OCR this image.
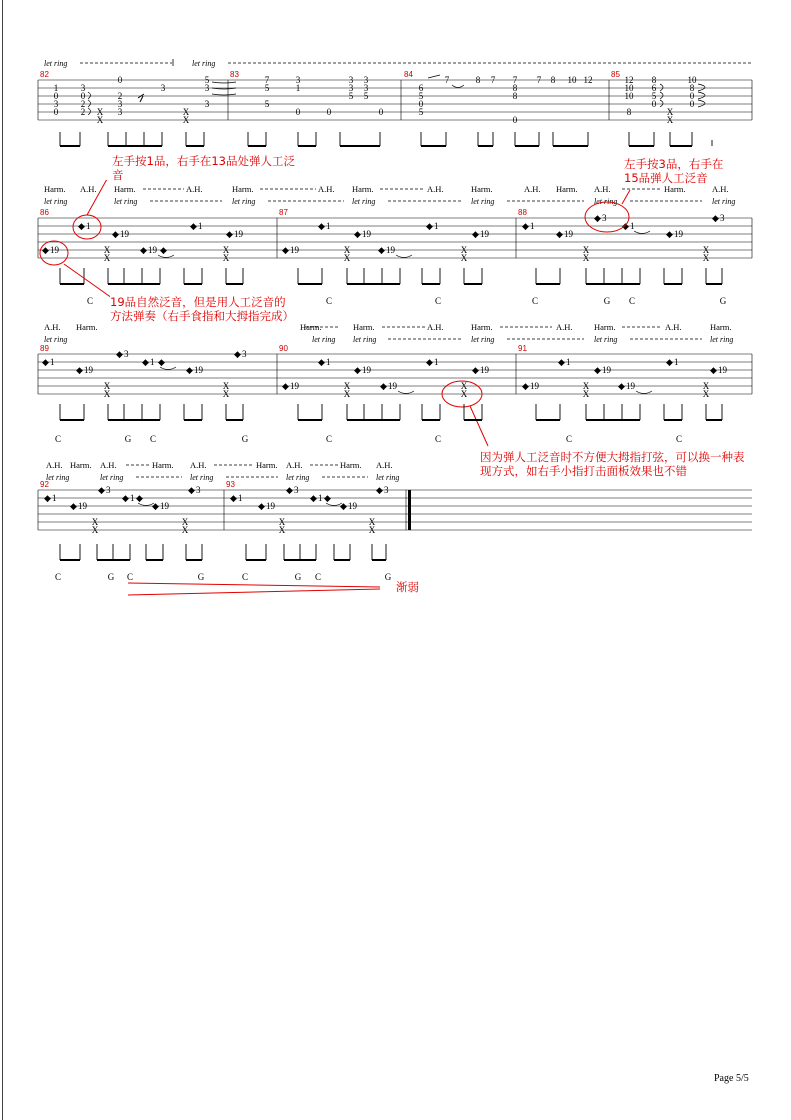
let ring	let ring
82	83	84	85
1
0
3
0
3
0
2
2
0
2
3
3
3
5
3
3
X
X
X
X
7
5
5
3
1
0	0
3
3
5
3
3
5
0
7	8 7 7 7 8 10 12
6
5
0
5
8
8
0
12
10
10
8
8
6
5
0
10
8
0
0
X
X
Harm. A.H. Harm.	A.H.	Harm.	A.H. Harm.	A.H.	Harm.	A.H. Harm. A.H.	Harm.	A.H.
let ring	let ring	let ring	let ring	let ring	let ring	let ring
86	87	88
◆ 1
◆ 19
◆ 19	◆ 19 ◆
◆ 1
◆ 19
◆ 1
◆ 19
◆ 19	◆ 19
◆ 1
◆ 19
◆ 1
◆ 19
◆ 3
◆ 1
◆ 19
◆ 3
X
X
X
X
X
X
X
X
X
X
X
X
C	C	C	C	G C	G
A.H. Harm.	Harm.	Harm.	A.H.	Harm.	A.H.	Harm.	A.H.	Harm.
let ring	let ring let ring	let ring	let ring	let ring
89	90	91
◆ 1
◆ 3
◆ 1 ◆
◆ 19	◆ 19
◆ 3
◆ 1
◆ 19
◆ 19	◆ 19
◆ 1
◆ 19
◆ 1
◆ 19
◆ 19	◆ 19
◆ 1
◆ 19
X
X
X
X
X
X
X
X
X
X
X
X
C	G C	G	C	C	C	C
A.H. Harm. A.H.	Harm. A.H.	Harm. A.H.	Harm. A.H.
let ring	let ring	let ring	let ring	let ring
92	93
◆ 1
◆ 3
◆ 1 ◆
◆ 19	◆ 19
◆ 3
◆ 1
◆ 3
◆ 1 ◆
◆ 19	◆ 19
◆ 3
X
X
X
X
X
X
X
X
C	G C	G	C	G C	G

左手按1品，右手在13品处弹人工泛音

左手按3品，右手在15品弹人工泛音

19品自然泛音，但是用人工泛音的方法弹奏（右手食指和大拇指完成）

因为弹人工泛音时不方便大拇指打弦，可以换一种表现方式，如右手小指打击面板效果也不错

渐弱

Page 5/5
